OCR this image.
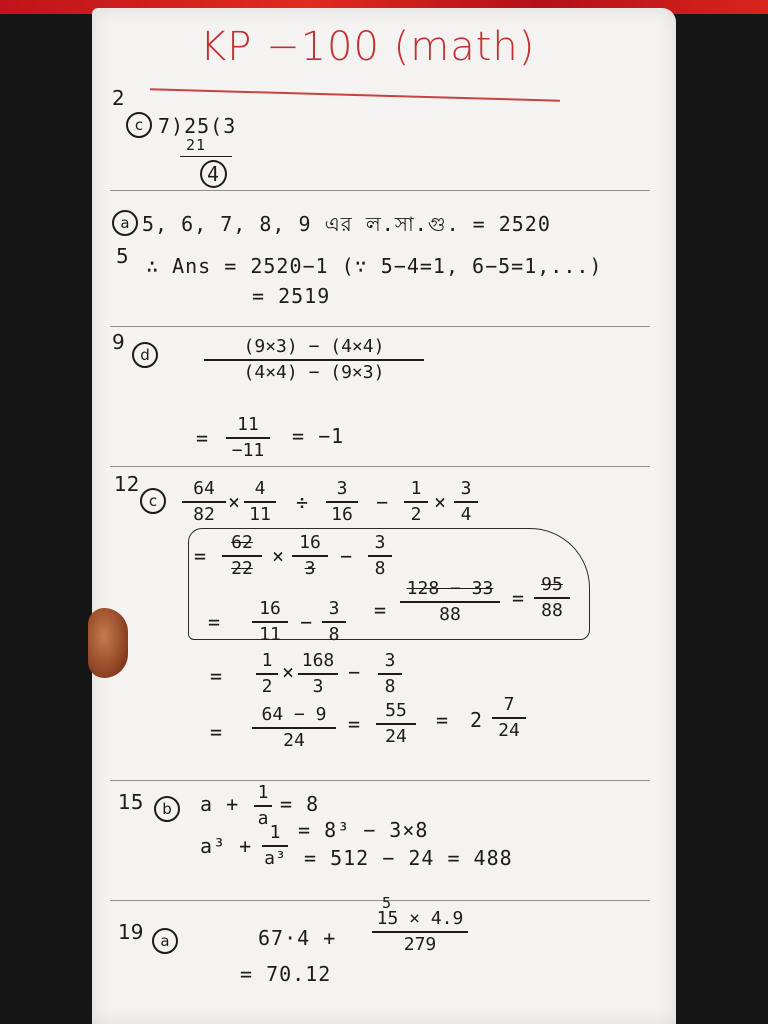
KP −100 (math)
2
c 7)25(3
21
4
a 5, 6, 7, 8, 9 এর ল.সা.গু. = 2520
5 ∴ Ans = 2520−1 (∵ 5−4=1, 6−5=1,...)
= 2519
9
d	(9×3) − (4×4)
(4×4) − (9×3)
=
11
−11
= −1
12
c
64
82
×
4
11
÷
3
16
−
1
2
×
3
4
=
62
22
×
16
3
−
3
8
=
16
11
−
3
8
=
128 − 33
88
=
95
88
=
1
2
× 168
3
−	3
8
=
64 − 9
24
=
55
24
= 2
7
24
15	b	a + 1
a
= 8
a³ +
1
a³
= 8³ − 3×8
= 512 − 24 = 488
19	a	67·4 +
5
15 × 4.9
279
= 70.12
